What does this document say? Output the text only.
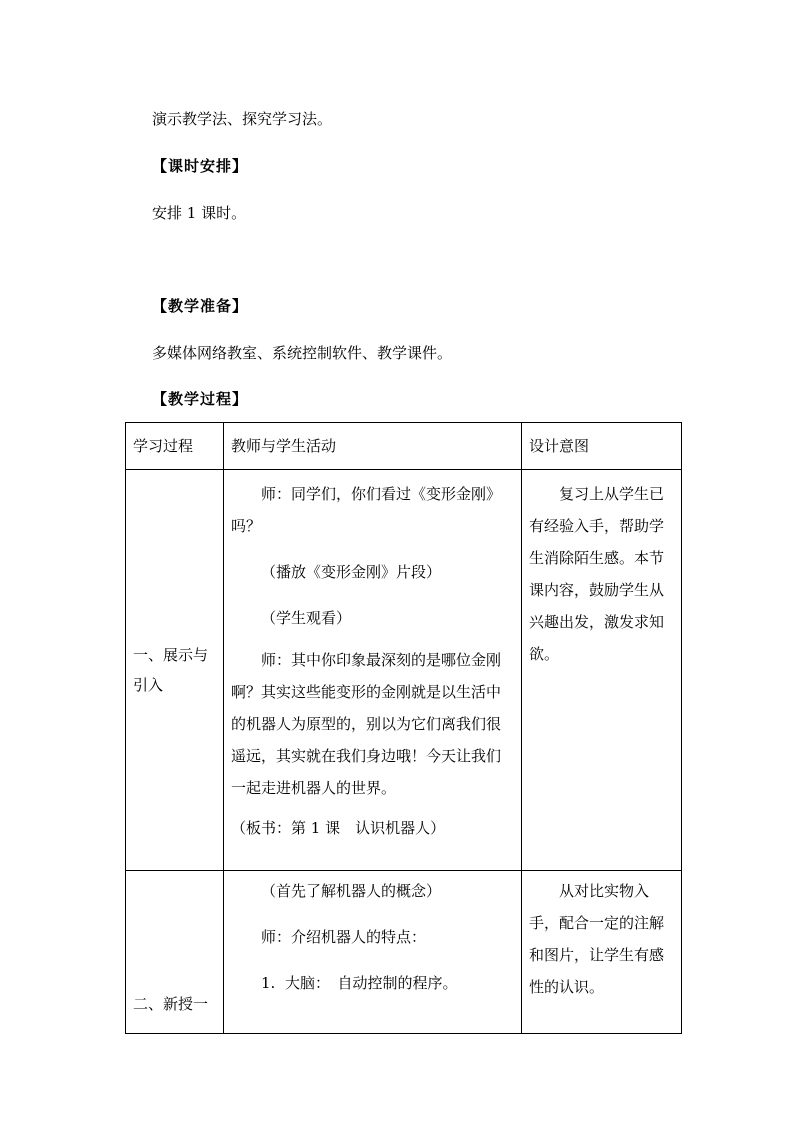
演示教学法、探究学习法。
【课时安排】
安排 1 课时。
【教学准备】
多媒体网络教室、系统控制软件、教学课件。
【教学过程】
学习过程	教师与学生活动	设计意图

一、展示与引入	师：同学们，你们看过《变形金刚》吗？

（播放《变形金刚》片段）

（学生观看）

师：其中你印象最深刻的是哪位金刚啊？其实这些能变形的金刚就是以生活中的机器人为原型的，别以为它们离我们很遥远，其实就在我们身边哦！今天让我们一起走进机器人的世界。

（板书：第 1 课　认识机器人）	复习上从学生已有经验入手，帮助学生消除陌生感。本节课内容，鼓励学生从兴趣出发，激发求知欲。

二、新授一	（首先了解机器人的概念）

师：介绍机器人的特点：

1. 大脑：　自动控制的程序。	从对比实物入手，配合一定的注解和图片，让学生有感性的认识。
